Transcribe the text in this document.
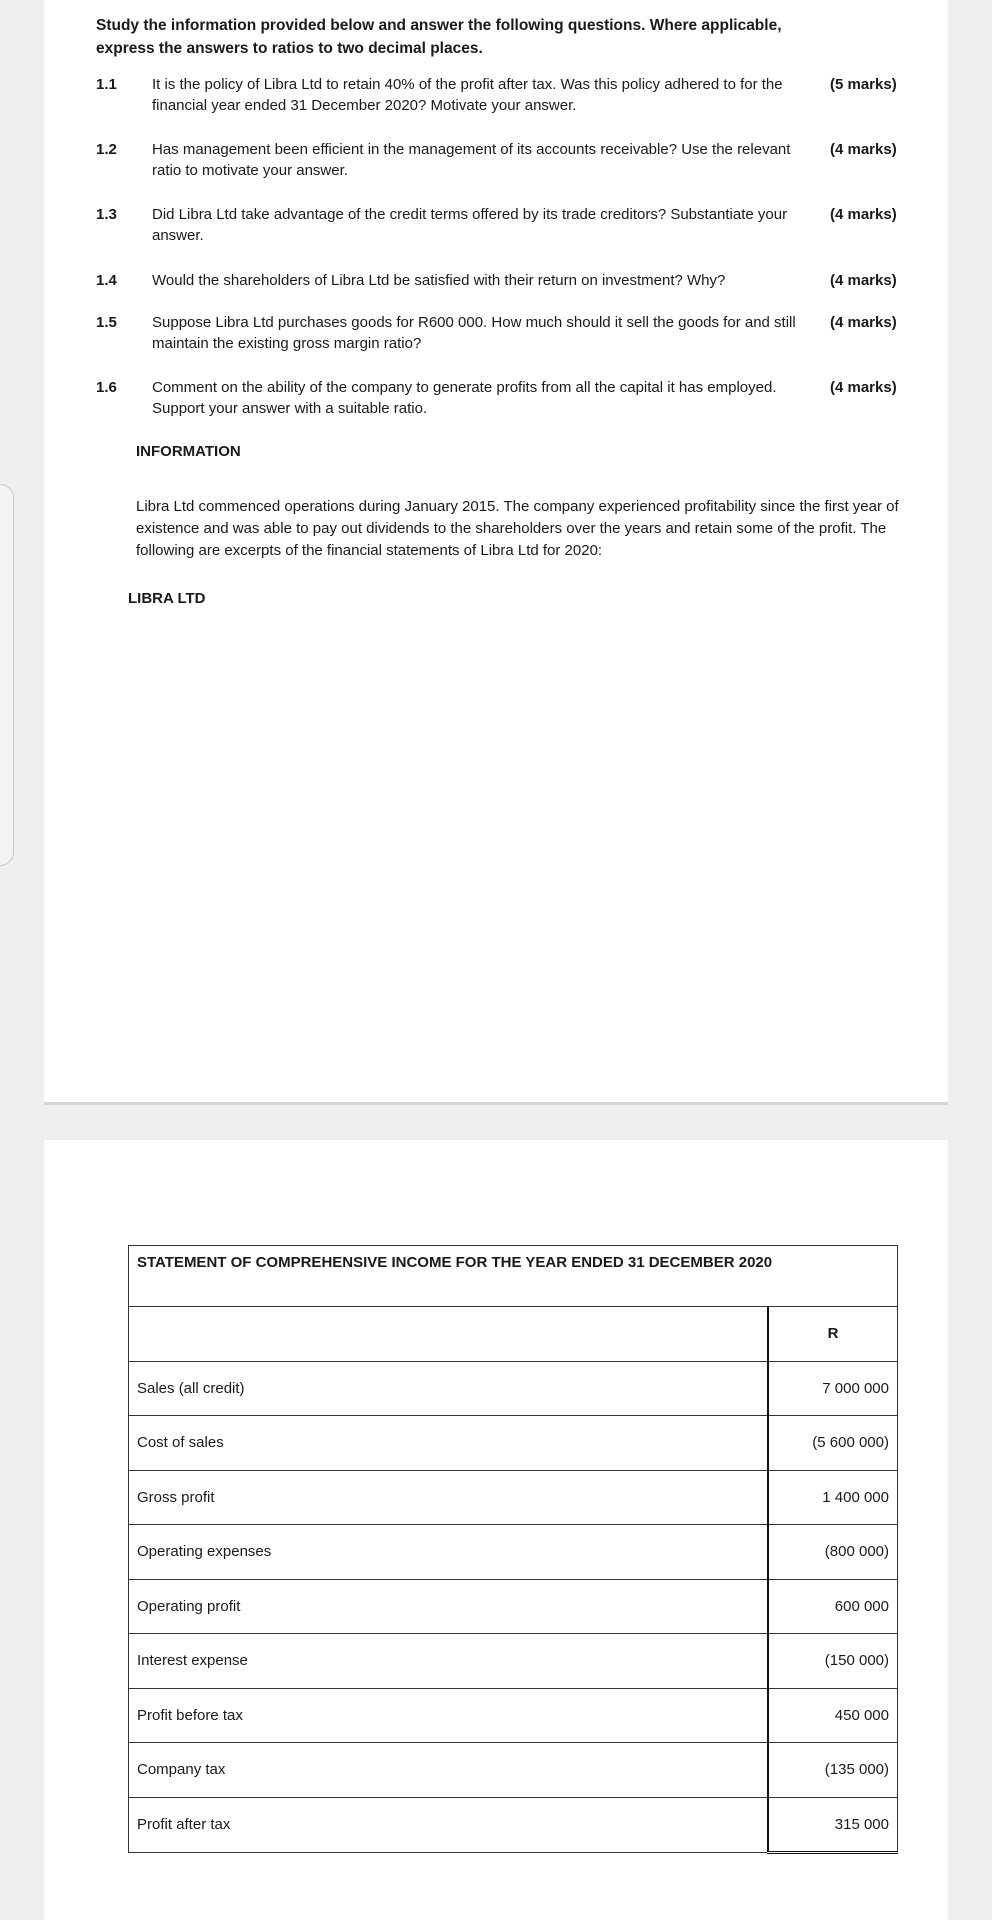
Study the information provided below and answer the following questions. Where applicable, express the answers to ratios to two decimal places.
1.1 It is the policy of Libra Ltd to retain 40% of the profit after tax. Was this policy adhered to for the financial year ended 31 December 2020? Motivate your answer.
(5 marks)
1.2 Has management been efficient in the management of its accounts receivable? Use the relevant ratio to motivate your answer.
(4 marks)
1.3 Did Libra Ltd take advantage of the credit terms offered by its trade creditors? Substantiate your answer.
(4 marks)
1.4 Would the shareholders of Libra Ltd be satisfied with their return on investment? Why?	(4 marks)
1.5 Suppose Libra Ltd purchases goods for R600 000. How much should it sell the goods for and still maintain the existing gross margin ratio?
(4 marks)
1.6 Comment on the ability of the company to generate profits from all the capital it has employed. Support your answer with a suitable ratio.
(4 marks)
INFORMATION
Libra Ltd commenced operations during January 2015. The company experienced profitability since the first year of existence and was able to pay out dividends to the shareholders over the years and retain some of the profit. The following are excerpts of the financial statements of Libra Ltd for 2020:
LIBRA LTD
STATEMENT OF COMPREHENSIVE INCOME FOR THE YEAR ENDED 31 DECEMBER 2020	
	R
Sales (all credit)	7 000 000
Cost of sales	(5 600 000)
Gross profit	1 400 000
Operating expenses	(800 000)
Operating profit	600 000
Interest expense	(150 000)
Profit before tax	450 000
Company tax	(135 000)
Profit after tax	315 000
